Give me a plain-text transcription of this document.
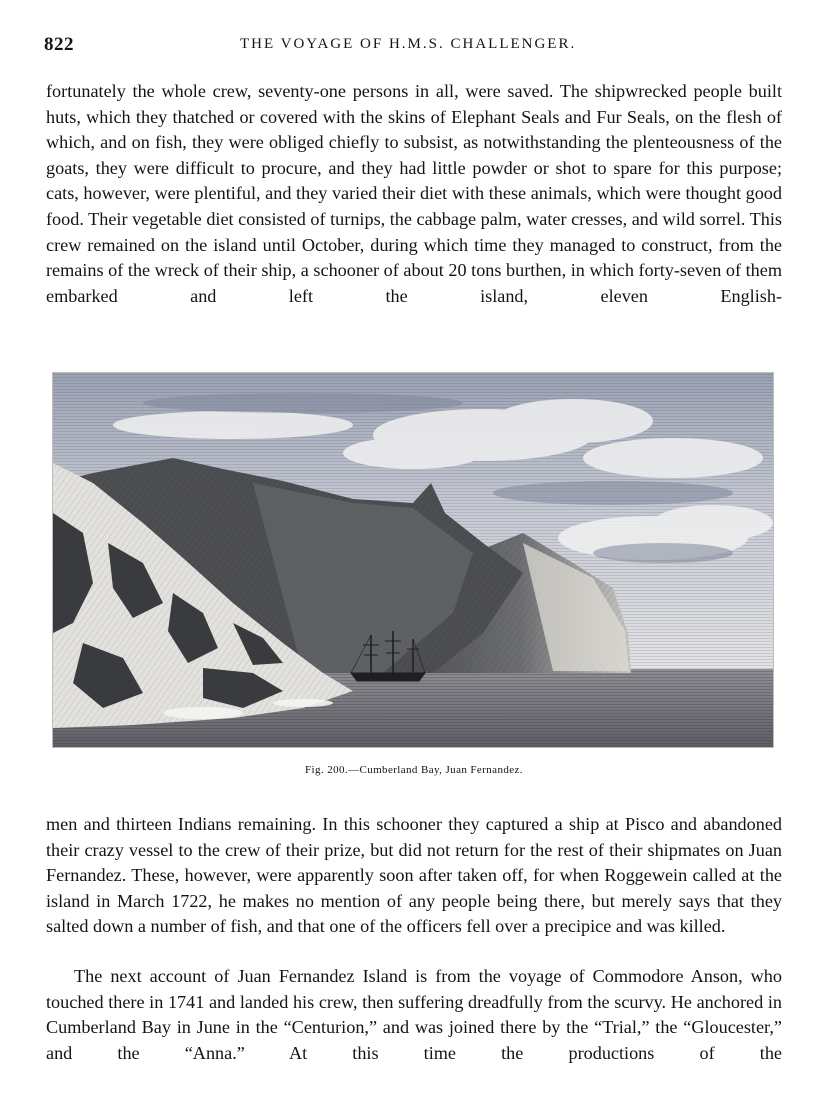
822	THE VOYAGE OF H.M.S. CHALLENGER.

fortunately the whole crew, seventy-one persons in all, were saved. The shipwrecked people built huts, which they thatched or covered with the skins of Elephant Seals and Fur Seals, on the flesh of which, and on fish, they were obliged chiefly to subsist, as notwithstanding the plenteousness of the goats, they were difficult to procure, and they had little powder or shot to spare for this purpose; cats, however, were plentiful, and they varied their diet with these animals, which were thought good food. Their vegetable diet consisted of turnips, the cabbage palm, water cresses, and wild sorrel. This crew remained on the island until October, during which time they managed to construct, from the remains of the wreck of their ship, a schooner of about 20 tons burthen, in which forty-seven of them embarked and left the island, eleven English-

Fig. 200.—Cumberland Bay, Juan Fernandez.

men and thirteen Indians remaining. In this schooner they captured a ship at Pisco and abandoned their crazy vessel to the crew of their prize, but did not return for the rest of their shipmates on Juan Fernandez. These, however, were apparently soon after taken off, for when Roggewein called at the island in March 1722, he makes no mention of any people being there, but merely says that they salted down a number of fish, and that one of the officers fell over a precipice and was killed.

The next account of Juan Fernandez Island is from the voyage of Commodore Anson, who touched there in 1741 and landed his crew, then suffering dreadfully from the scurvy. He anchored in Cumberland Bay in June in the “Centurion,” and was joined there by the “Trial,” the “Gloucester,” and the “Anna.” At this time the productions of the
